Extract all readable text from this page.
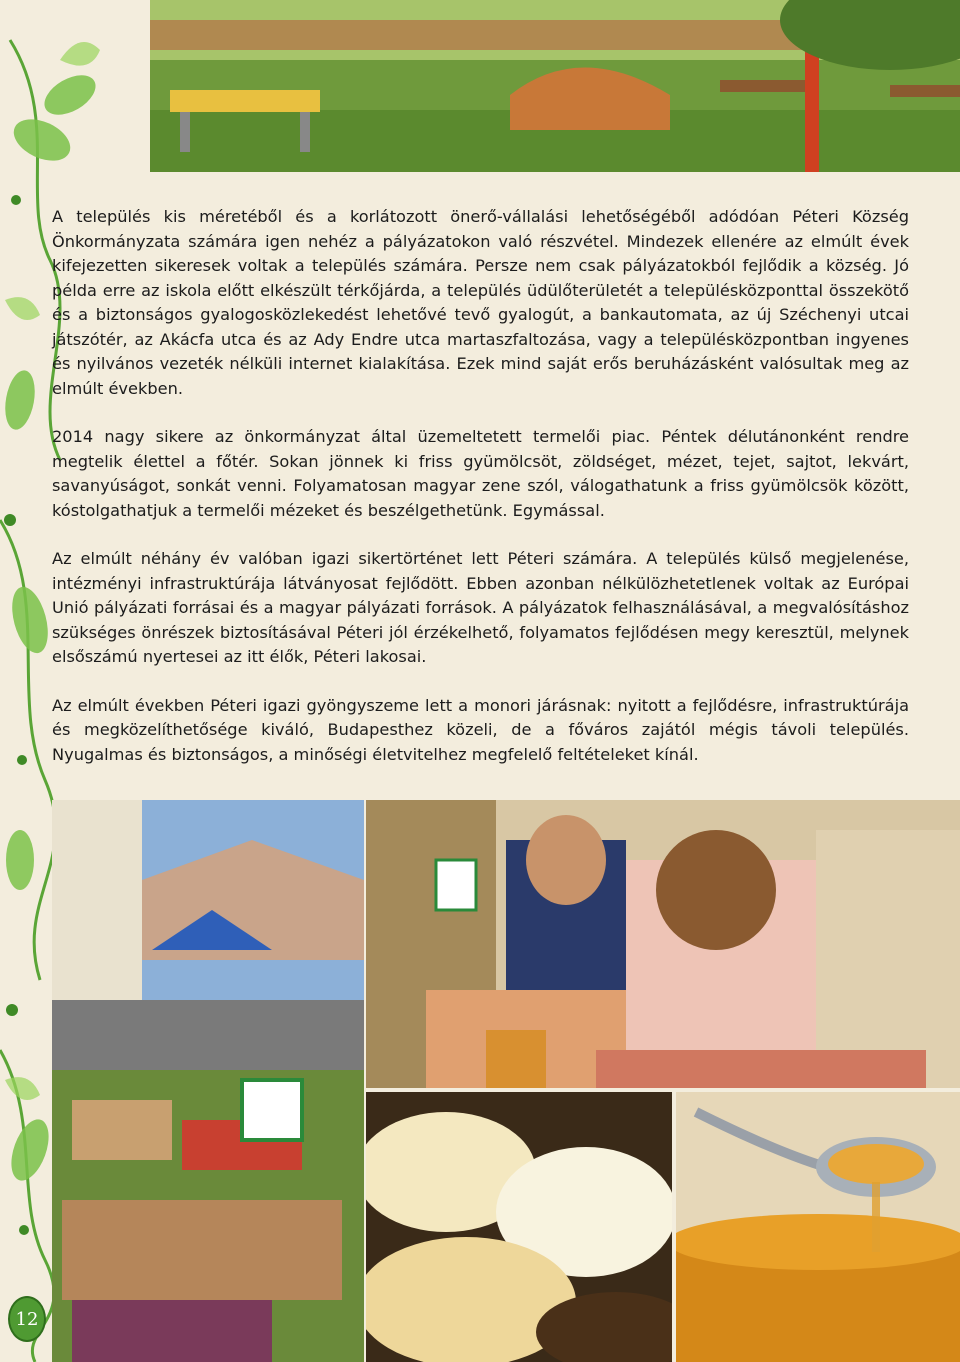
A település kis méretéből és a korlátozott önerő-vállalási lehetőségéből adódóan Péteri Község Önkormányzata számára igen nehéz a pályázatokon való részvétel. Mindezek ellenére az elmúlt évek kifejezetten sikeresek voltak a település számára. Persze nem csak pályázatokból fejlődik a község. Jó példa erre az iskola előtt elkészült térkőjárda, a település üdülőterületét a településközponttal összekötő és a biztonságos gyalogosközlekedést lehetővé tevő gyalogút, a bankautomata, az új Széchenyi utcai játszótér, az Akácfa utca és az Ady Endre utca martaszfaltozása, vagy a településközpontban ingyenes és nyilvános vezeték nélküli internet kialakítása. Ezek mind saját erős beruházásként valósultak meg az elmúlt években.

2014 nagy sikere az önkormányzat által üzemeltetett termelői piac. Péntek délutánonként rendre megtelik élettel a főtér. Sokan jönnek ki friss gyümölcsöt, zöldséget, mézet, tejet, sajtot, lekvárt, savanyúságot, sonkát venni. Folyamatosan magyar zene szól, válogathatunk a friss gyümölcsök között, kóstolgathatjuk a termelői mézeket és beszélgethetünk. Egymással.

Az elmúlt néhány év valóban igazi sikertörténet lett Péteri számára. A település külső megjelenése, intézményi infrastruktúrája látványosat fejlődött. Ebben azonban nélkülözhetetlenek voltak az Európai Unió pályázati forrásai és a magyar pályázati források. A pályázatok felhasználásával, a megvalósításhoz szükséges önrészek biztosításával Péteri jól érzékelhető, folyamatos fejlődésen megy keresztül, melynek elsőszámú nyertesei az itt élők, Péteri lakosai.

Az elmúlt években Péteri igazi gyöngyszeme lett a monori járásnak: nyitott a fejlődésre, infrastruktúrája és megközelíthetősége kiváló, Budapesthez közeli, de a főváros zajától mégis távoli település. Nyugalmas és biztonságos, a minőségi életvitelhez megfelelő feltételeket kínál.

12
